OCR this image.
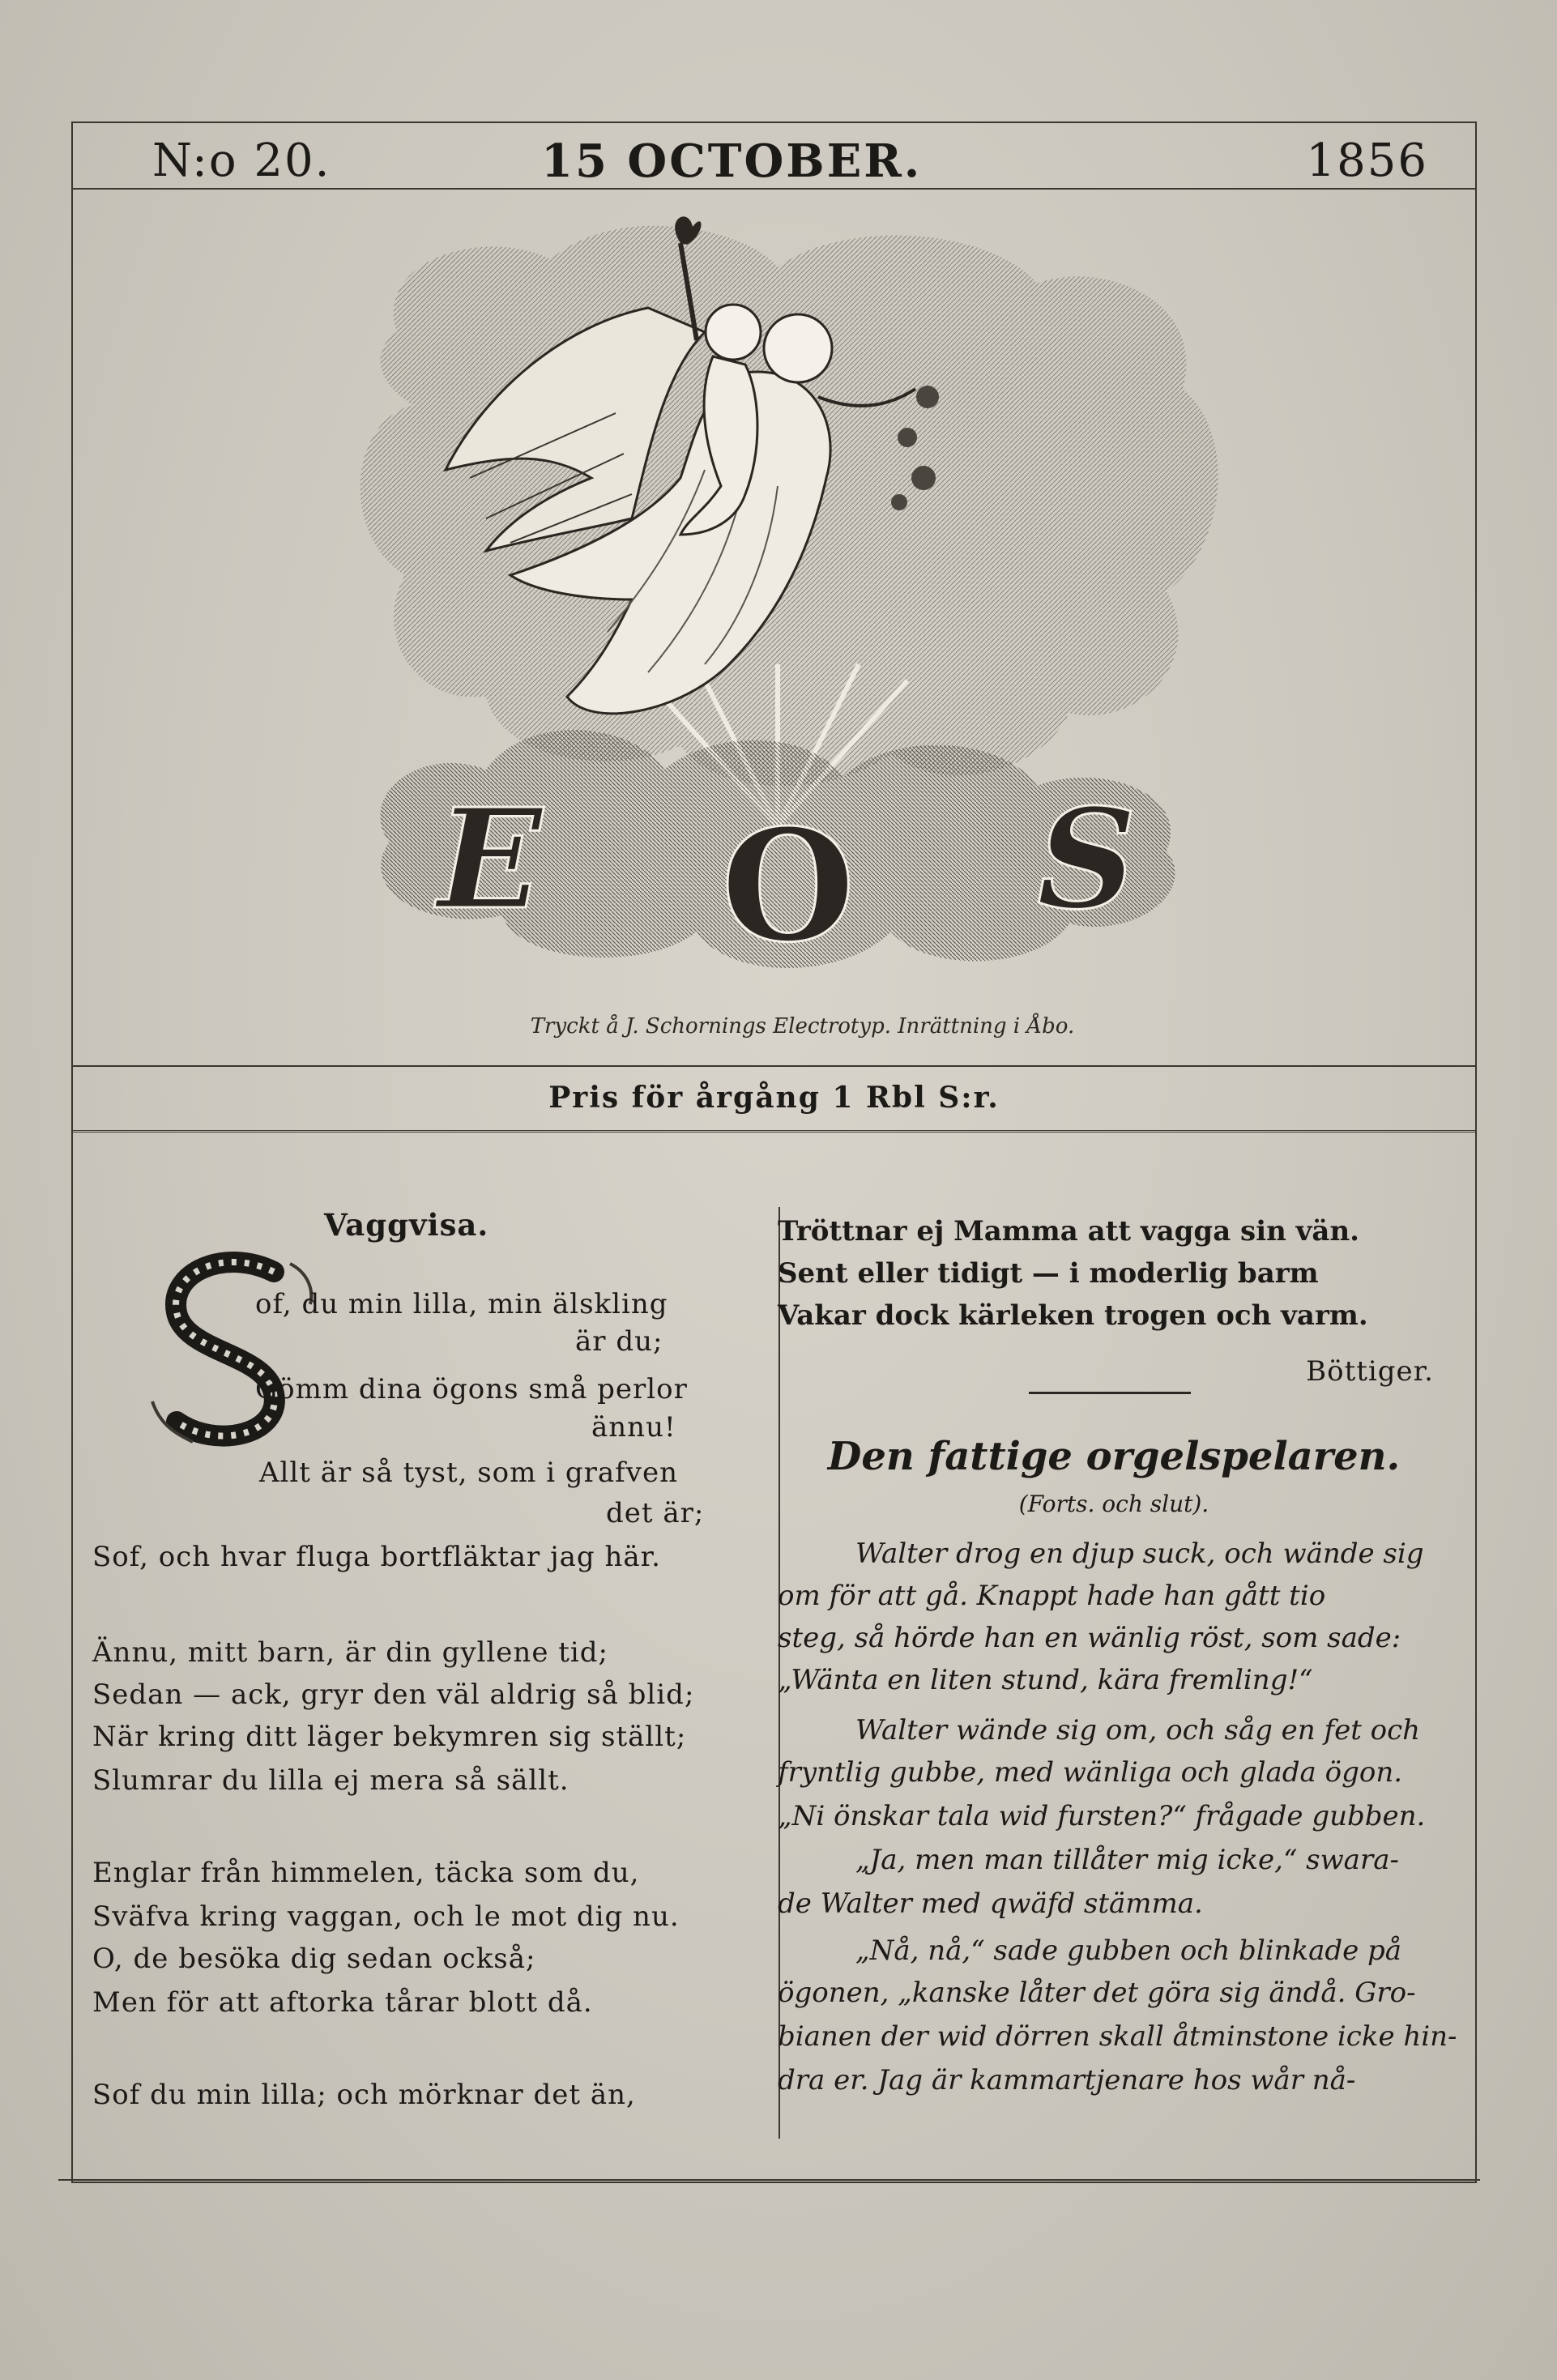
N:o 20.	15 OCTOBER.	1856
E O S
Tryckt å J. Schornings Electrotyp. Inrättning i Åbo.
Pris för årgång 1 Rbl S:r.
Vaggvisa.
of, du min lilla, min älskling
är du;
Gömm dina ögons små perlor
ännu!
Allt är så tyst, som i grafven
det är;
Sof, och hvar fluga bortfläktar jag här.
Ännu, mitt barn, är din gyllene tid;
Sedan — ack, gryr den väl aldrig så blid;
När kring ditt läger bekymren sig ställt;
Slumrar du lilla ej mera så sällt.
Englar från himmelen, täcka som du,
Sväfva kring vaggan, och le mot dig nu.
O, de besöka dig sedan också;
Men för att aftorka tårar blott då.
Sof du min lilla; och mörknar det än,
Tröttnar ej Mamma att vagga sin vän.
Sent eller tidigt — i moderlig barm
Vakar dock kärleken trogen och varm.
Böttiger.
Den fattige orgelspelaren.
(Forts. och slut).
Walter drog en djup suck, och wände sig
om för att gå. Knappt hade han gått tio
steg, så hörde han en wänlig röst, som sade:
„Wänta en liten stund, kära fremling!“
Walter wände sig om, och såg en fet och
fryntlig gubbe, med wänliga och glada ögon.
„Ni önskar tala wid fursten?“ frågade gubben.
„Ja, men man tillåter mig icke,“ swara-
de Walter med qwäfd stämma.
„Nå, nå,“ sade gubben och blinkade på
ögonen, „kanske låter det göra sig ändå. Gro-
bianen der wid dörren skall åtminstone icke hin-
dra er. Jag är kammartjenare hos wår nå-
